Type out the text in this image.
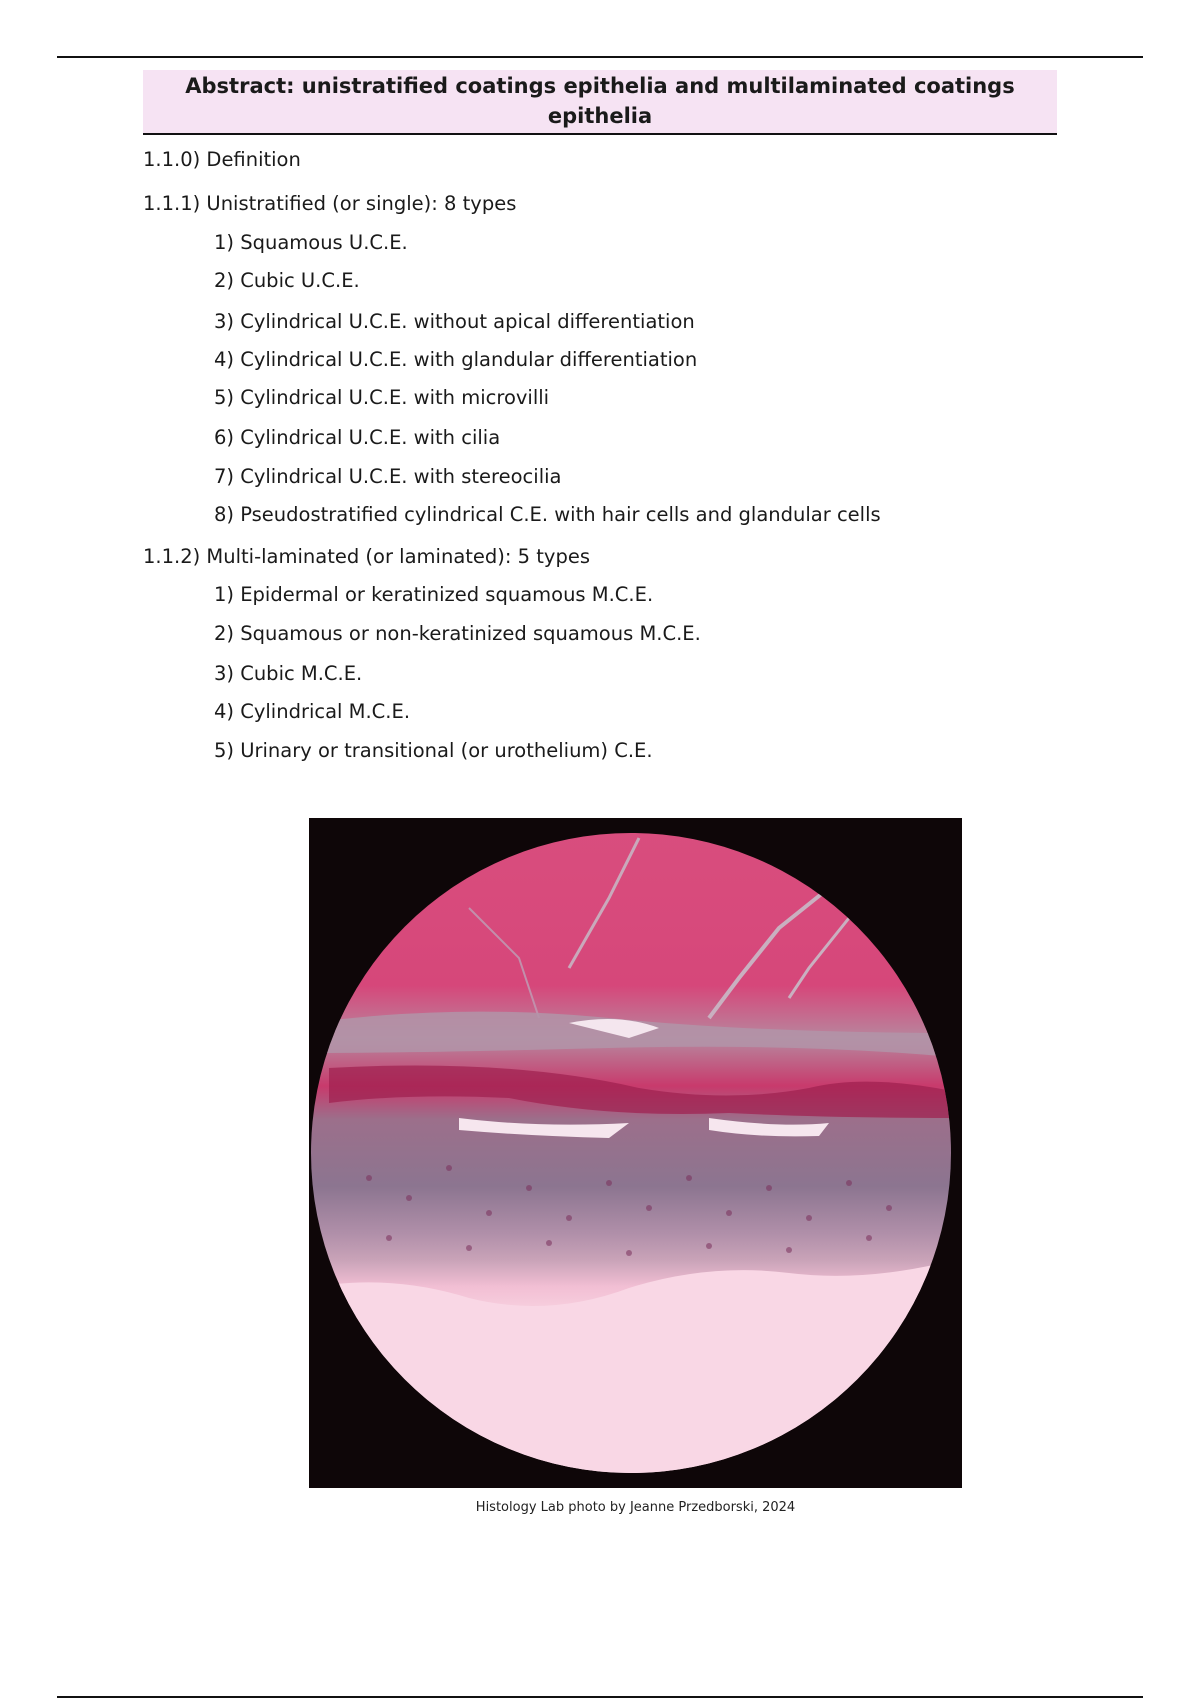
Abstract: unistratified coatings epithelia and multilaminated coatings epithelia
1.1.0) Definition
1.1.1) Unistratified (or single): 8 types
1) Squamous U.C.E.
2) Cubic U.C.E.
3) Cylindrical U.C.E. without apical differentiation
4) Cylindrical U.C.E. with glandular differentiation
5) Cylindrical U.C.E. with microvilli
6) Cylindrical U.C.E. with cilia
7) Cylindrical U.C.E. with stereocilia
8) Pseudostratified cylindrical C.E. with hair cells and glandular cells
1.1.2) Multi-laminated (or laminated): 5 types
1) Epidermal or keratinized squamous M.C.E.
2) Squamous or non-keratinized squamous M.C.E.
3) Cubic M.C.E.
4) Cylindrical M.C.E.
5) Urinary or transitional (or urothelium) C.E.
Histology Lab photo by Jeanne Przedborski, 2024
